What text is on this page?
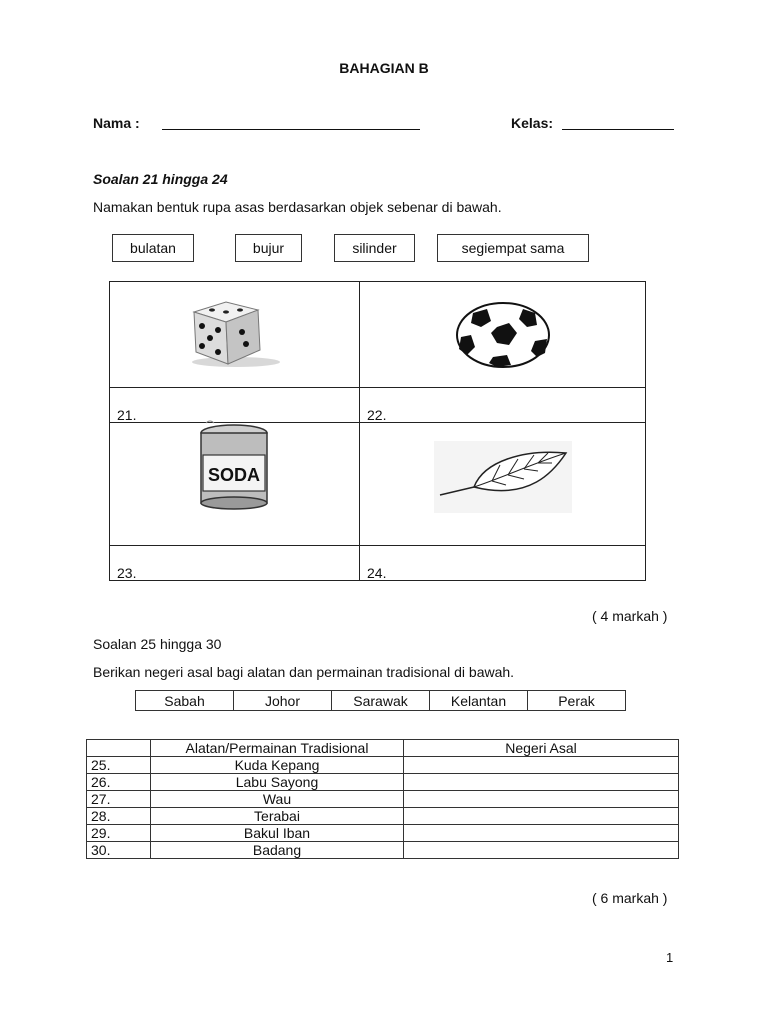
BAHAGIAN B
Nama :	Kelas:
Soalan 21 hingga 24
Namakan bentuk rupa asas berdasarkan objek sebenar di bawah.
bulatan	bujur	silinder	segiempat sama
SODA
21.	22.
23.	24.
( 4 markah )
Soalan 25 hingga 30
Berikan negeri asal bagi alatan dan permainan tradisional di bawah.
Sabah	Johor	Sarawak	Kelantan	Perak
	Alatan/Permainan Tradisional	Negeri Asal
25.	Kuda Kepang	
26.	Labu Sayong	
27.	Wau	
28.	Terabai	
29.	Bakul Iban	
30.	Badang	
( 6 markah )
1
